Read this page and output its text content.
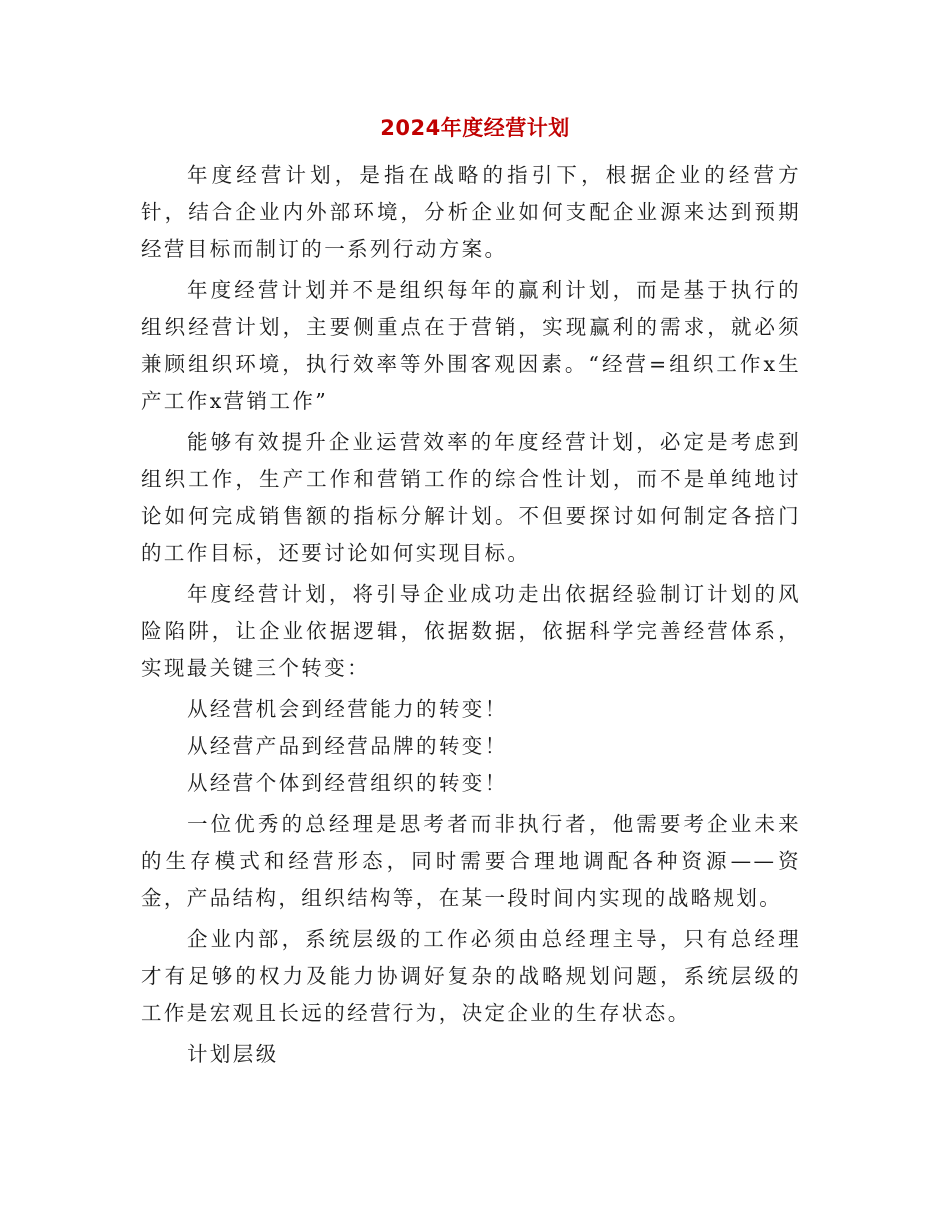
2024年度经营计划

年度经营计划，是指在战略的指引下，根据企业的经营方针，结合企业内外部环境，分析企业如何支配企业源来达到预期经营目标而制订的一系列行动方案。

年度经营计划并不是组织每年的赢利计划，而是基于执行的组织经营计划，主要侧重点在于营销，实现赢利的需求，就必须兼顾组织环境，执行效率等外围客观因素。“经营=组织工作x生产工作x营销工作”

能够有效提升企业运营效率的年度经营计划，必定是考虑到组织工作，生产工作和营销工作的综合性计划，而不是单纯地讨论如何完成销售额的指标分解计划。不但要探讨如何制定各掊门的工作目标，还要讨论如何实现目标。

年度经营计划，将引导企业成功走出依据经验制订计划的风险陷阱，让企业依据逻辑，依据数据，依据科学完善经营体系，实现最关键三个转变：

从经营机会到经营能力的转变！

从经营产品到经营品牌的转变！

从经营个体到经营组织的转变！

一位优秀的总经理是思考者而非执行者，他需要考企业未来的生存模式和经营形态，同时需要合理地调配各种资源——资金，产品结构，组织结构等，在某一段时间内实现的战略规划。

企业内部，系统层级的工作必须由总经理主导，只有总经理才有足够的权力及能力协调好复杂的战略规划问题，系统层级的工作是宏观且长远的经营行为，决定企业的生存状态。

计划层级
